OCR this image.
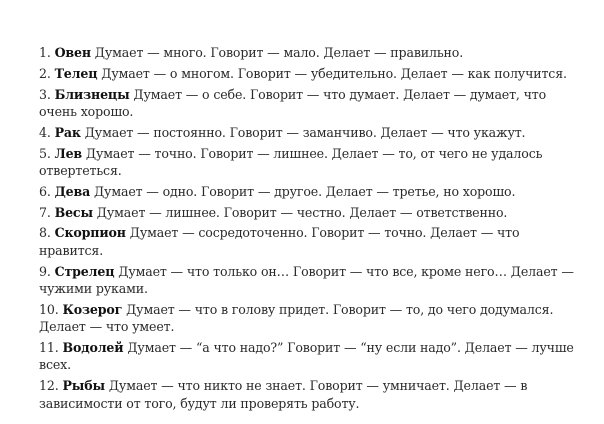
1. Овен Думает — много. Говорит — мало. Делает — правильно.

2. Телец Думает — о многом. Говорит — убедительно. Делает — как получится.

3. Близнецы Думает — о себе. Говорит — что думает. Делает — думает, что очень хорошо.

4. Рак Думает — постоянно. Говорит — заманчиво. Делает — что укажут.

5. Лев Думает — точно. Говорит — лишнее. Делает — то, от чего не удалось отвертеться.

6. Дева Думает — одно. Говорит — другое. Делает — третье, но хорошо.

7. Весы Думает — лишнее. Говорит — честно. Делает — ответственно.

8. Скорпион Думает — сосредоточенно. Говорит — точно. Делает — что нравится.

9. Стрелец Думает — что только он… Говорит — что все, кроме него… Делает — чужими руками.

10. Козерог Думает — что в голову придет. Говорит — то, до чего додумался. Делает — что умеет.

11. Водолей Думает — “а что надо?” Говорит — “ну если надо”. Делает — лучше всех.

12. Рыбы Думает — что никто не знает. Говорит — умничает. Делает — в зависимости от того, будут ли проверять работу.
